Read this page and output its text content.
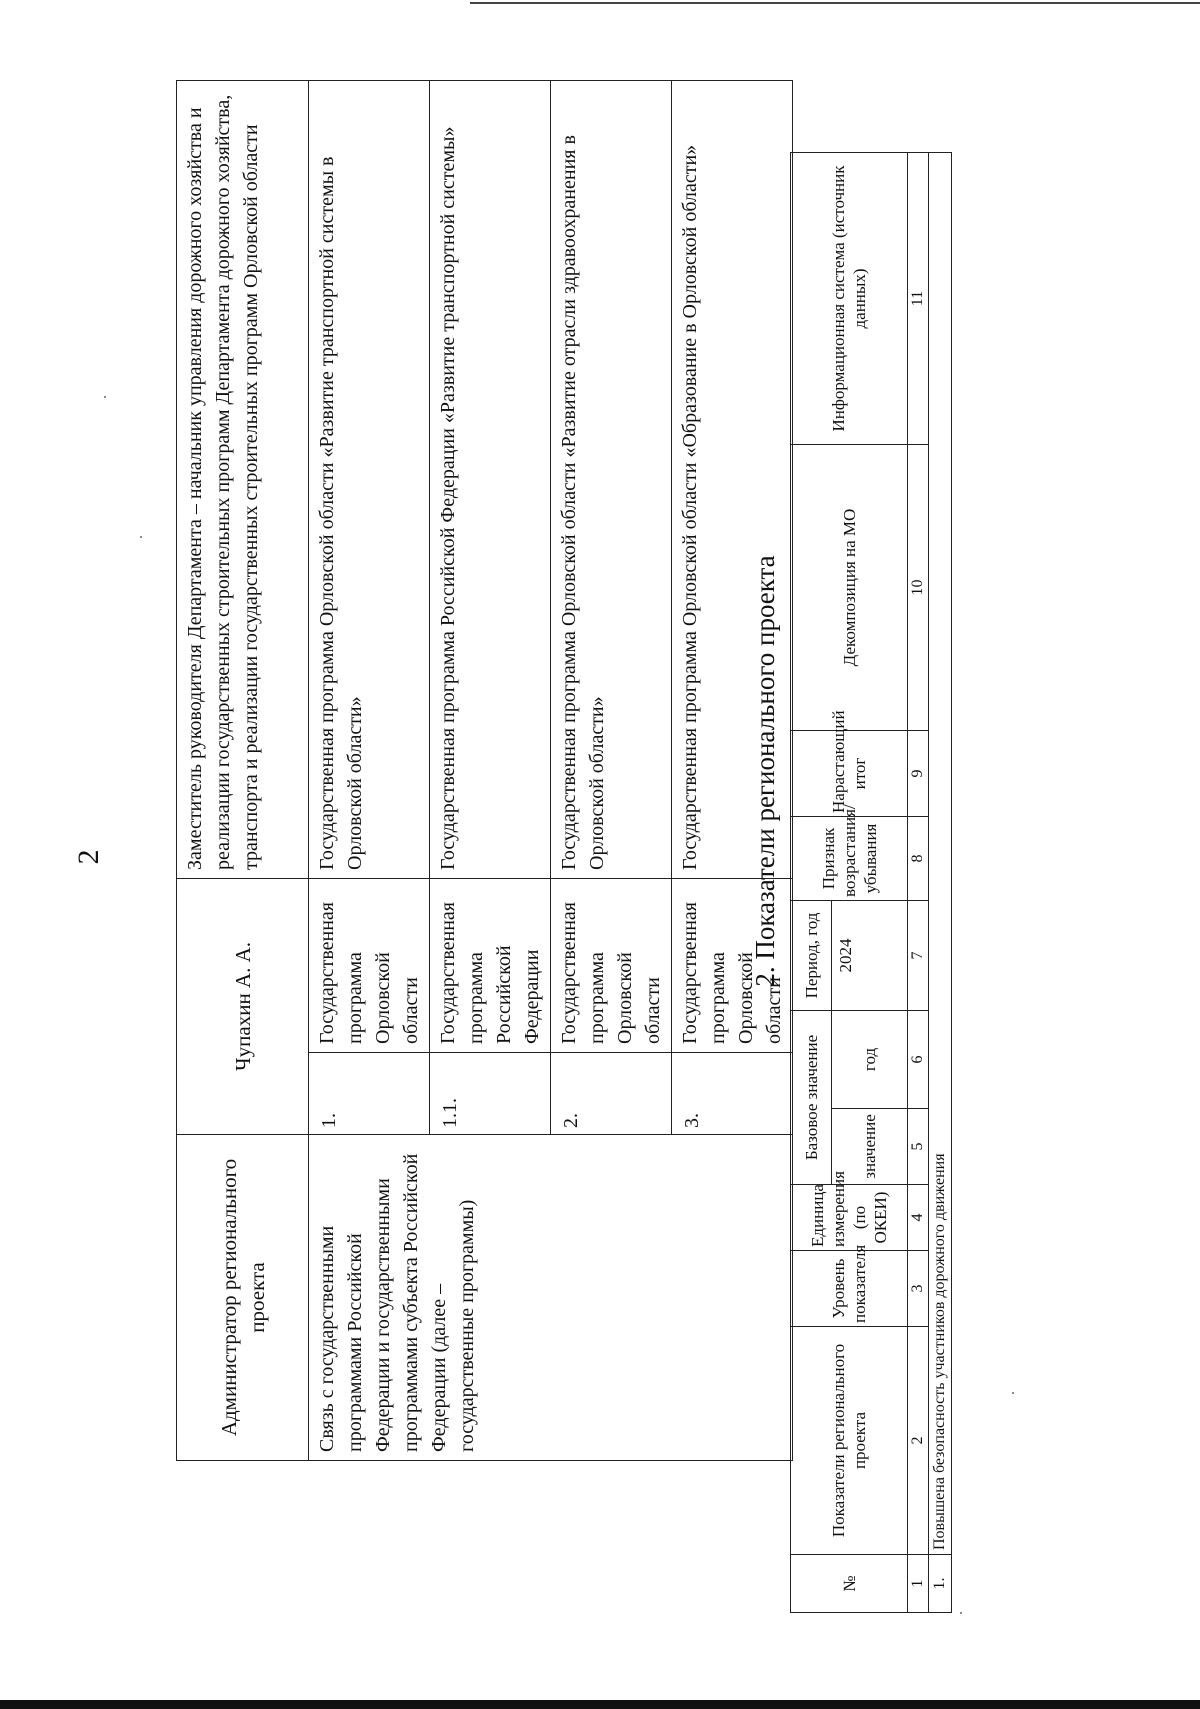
2
Администратор регионального проекта	Чупахин А. А.		Заместитель руководителя Департамента – начальник управления дорожного хозяйства и реализации государственных строительных программ Департамента дорожного хозяйства, транспорта и реализации государственных строительных программ Орловской области
Связь с государственными программами Российской Федерации и государственными программами субъекта Российской Федерации (далее – государственные программы)	1.	Государственная программа Орловской области	Государственная программа Орловской области «Развитие транспортной системы в Орловской области»
	1.1.	Государственная программа Российской Федерации	Государственная программа Российской Федерации «Развитие транспортной системы»
	2.	Государственная программа Орловской области	Государственная программа Орловской области «Развитие отрасли здравоохранения в Орловской области»
	3.	Государственная программа Орловской области	Государственная программа Орловской области «Образование в Орловской области» 2. Показатели регионального проекта
№	Показатели регионального проекта	Уровень показателя	Единица измерения (по ОКЕИ)	Базовое значение		Период, год	Признак возрастания/ убывания	Нарастающий итог	Декомпозиция на МО	Информационная система (источник данных)
				значение	год	2024				
1	2	3	4	5	6	7	8	9	10	11
1.	Повышена безопасность участников дорожного движения									
